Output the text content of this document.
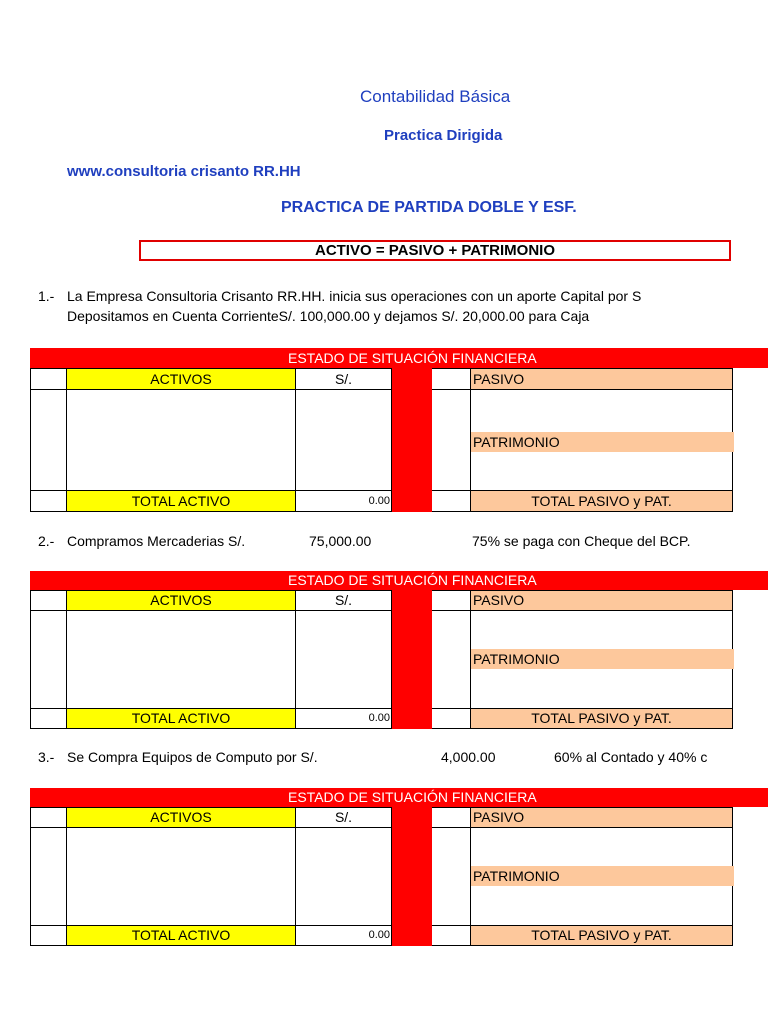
Contabilidad Básica
Practica Dirigida
www.consultoria crisanto RR.HH
PRACTICA DE PARTIDA DOBLE Y ESF.
ACTIVO = PASIVO + PATRIMONIO
1.- La Empresa Consultoria Crisanto RR.HH. inicia sus operaciones con un aporte Capital por S
Depositamos en Cuenta CorrienteS/. 100,000.00 y dejamos S/. 20,000.00 para Caja
ESTADO DE SITUACIÓN FINANCIERA
ACTIVOS	S/.	PASIVO
PATRIMONIO
TOTAL ACTIVO	0.00	TOTAL PASIVO y PAT.
2.- Compramos Mercaderias S/.	75,000.00	75% se paga con Cheque del BCP.
ESTADO DE SITUACIÓN FINANCIERA
ACTIVOS	S/.	PASIVO
PATRIMONIO
TOTAL ACTIVO	0.00	TOTAL PASIVO y PAT.
3.- Se Compra Equipos de Computo por S/.	4,000.00	60% al Contado y 40% c
ESTADO DE SITUACIÓN FINANCIERA
ACTIVOS	S/.	PASIVO
PATRIMONIO
TOTAL ACTIVO	0.00	TOTAL PASIVO y PAT.
